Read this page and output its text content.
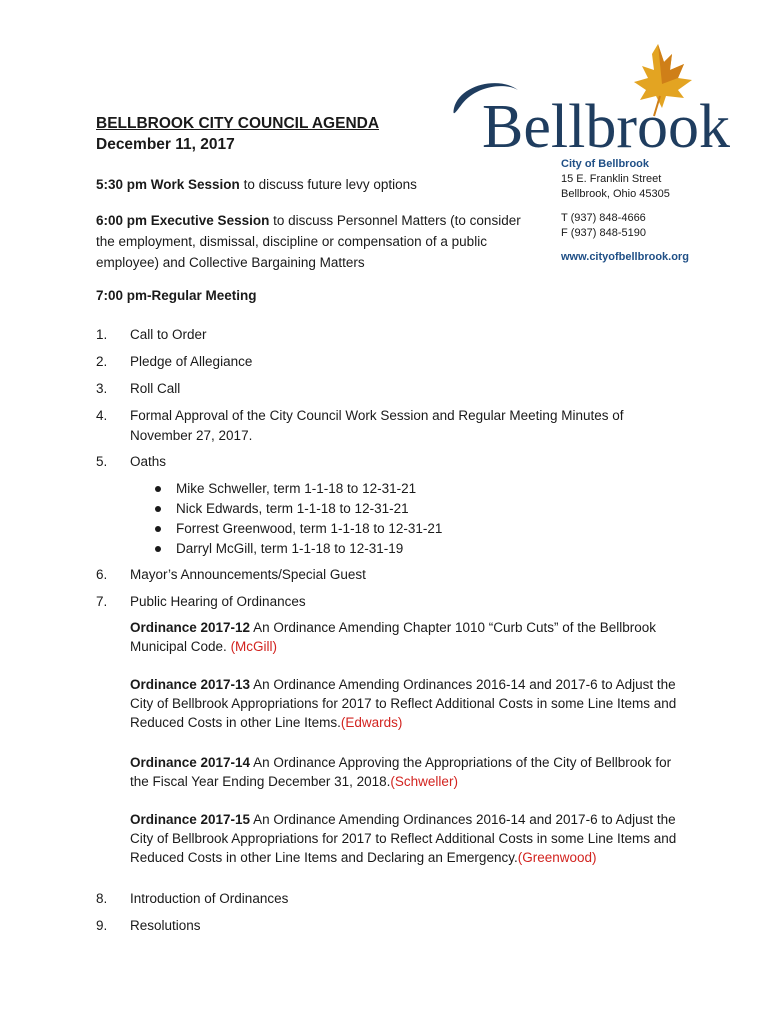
Bellbrook
BELLBROOK CITY COUNCIL AGENDA
December 11, 2017
City of Bellbrook
15 E. Franklin Street
Bellbrook, Ohio 45305
T (937) 848-4666
F (937) 848-5190
www.cityofbellbrook.org
5:30 pm Work Session to discuss future levy options
6:00 pm Executive Session to discuss Personnel Matters (to consider the employment, dismissal, discipline or compensation of a public employee) and Collective Bargaining Matters
7:00 pm-Regular Meeting
1.	Call to Order
2.	Pledge of Allegiance
3.	Roll Call
4.	Formal Approval of the City Council Work Session and Regular Meeting Minutes of November 27, 2017.
5.	Oaths
Mike Schweller, term 1-1-18 to 12-31-21
Nick Edwards, term 1-1-18 to 12-31-21
Forrest Greenwood, term 1-1-18 to 12-31-21
Darryl McGill, term 1-1-18 to 12-31-19
6.	Mayor’s Announcements/Special Guest
7.	Public Hearing of Ordinances
Ordinance 2017-12 An Ordinance Amending Chapter 1010 “Curb Cuts” of the Bellbrook Municipal Code. (McGill)
Ordinance 2017-13 An Ordinance Amending Ordinances 2016-14 and 2017-6 to Adjust the City of Bellbrook Appropriations for 2017 to Reflect Additional Costs in some Line Items and Reduced Costs in other Line Items.(Edwards)
Ordinance 2017-14 An Ordinance Approving the Appropriations of the City of Bellbrook for the Fiscal Year Ending December 31, 2018.(Schweller)
Ordinance 2017-15 An Ordinance Amending Ordinances 2016-14 and 2017-6 to Adjust the City of Bellbrook Appropriations for 2017 to Reflect Additional Costs in some Line Items and Reduced Costs in other Line Items and Declaring an Emergency.(Greenwood)
8.	Introduction of Ordinances
9.	Resolutions
